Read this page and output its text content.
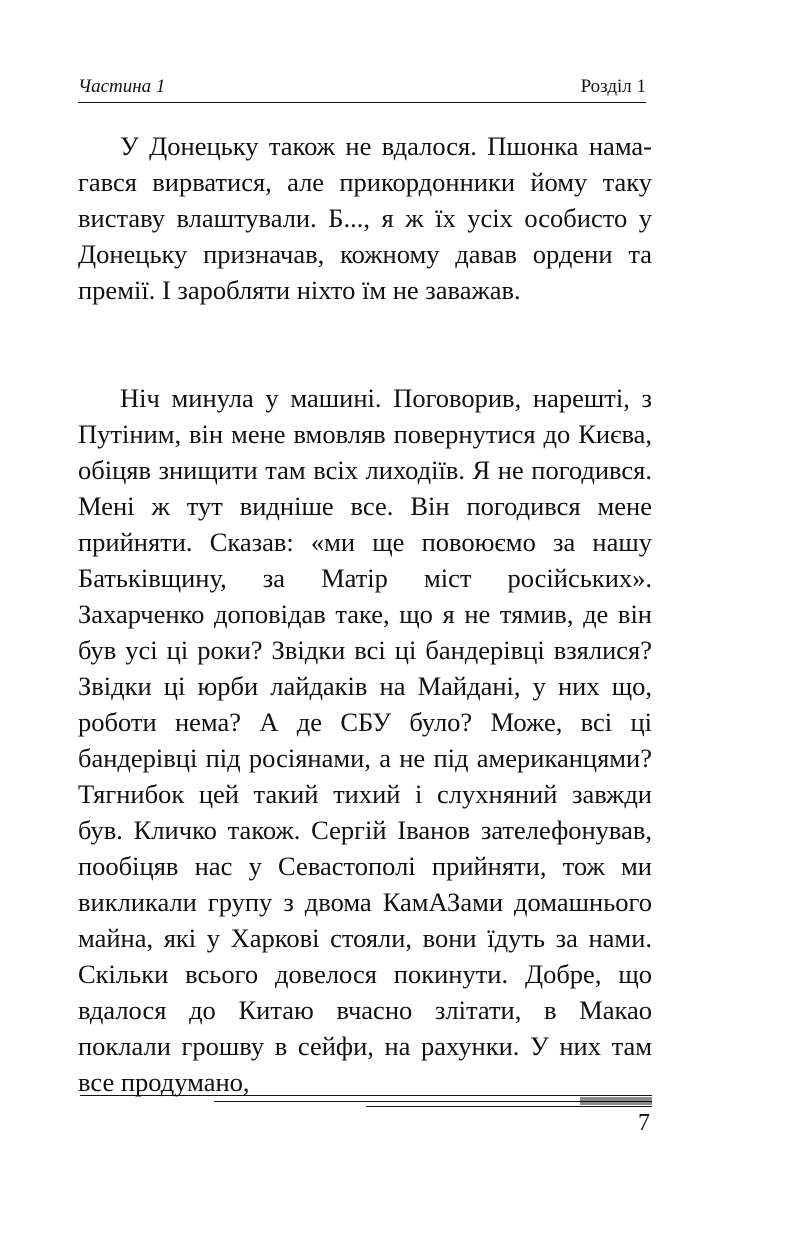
Частина 1	Розділ 1

У Донецьку також не вдалося. Пшонка намагався вирватися, але прикордонники йому таку виставу влаштували. Б..., я ж їх усіх особисто у Донецьку призначав, кожному давав ордени та премії. І заробляти ніхто їм не заважав.

Ніч минула у машині. Поговорив, нарешті, з Путіним, він мене вмовляв повернутися до Києва, обіцяв знищити там всіх лиходіїв. Я не погодився. Мені ж тут видніше все. Він погодився мене прийняти. Сказав: «ми ще повоюємо за нашу Батьківщину, за Матір міст російських». Захарченко доповідав таке, що я не тямив, де він був усі ці роки? Звідки всі ці бандерівці взялися? Звідки ці юрби лайдаків на Майдані, у них що, роботи нема? А де СБУ було? Може, всі ці бандерівці під росіянами, а не під американцями? Тягнибок цей такий тихий і слухняний завжди був. Кличко також. Сергій Іванов зателефонував, пообіцяв нас у Севастополі прийняти, тож ми викликали групу з двома КамАЗами домашнього майна, які у Харкові стояли, вони їдуть за нами. Скільки всього довелося покинути. Добре, що вдалося до Китаю вчасно злітати, в Макао поклали грошву в сейфи, на рахунки. У них там все продумано,

7
